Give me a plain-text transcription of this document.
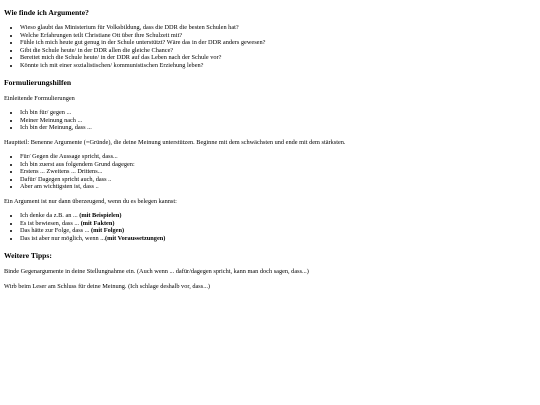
Wie finde ich Argumente?
• Wieso glaubt das Ministerium für Volksbildung, dass die DDR die besten Schulen hat?
• Welche Erfahrungen teilt Christiane Ott über ihre Schulzeit mit?
• Fühle ich mich heute gut genug in der Schule unterstützt? Wäre das in der DDR anders gewesen?
• Gibt die Schule heute/ in der DDR allen die gleiche Chance?
• Bereitet mich die Schule heute/ in der DDR auf das Leben nach der Schule vor?
• Könnte ich mit einer sozialistischen/ kommunistischen Erziehung leben?
Formulierungshilfen

Einleitende Formulierungen

• Ich bin für/ gegen ...
• Meiner Meinung nach ...
• Ich bin der Meinung, dass ...

Hauptteil: Benenne Argumente (=Gründe), die deine Meinung unterstützen. Beginne mit dem schwächsten und ende mit dem stärksten.

• Für/ Gegen die Aussage spricht, dass...
• Ich bin zuerst aus folgendem Grund dagegen:
• Erstens ... Zweitens ... Drittens...
• Dafür/ Dagegen spricht auch, dass ..
• Aber am wichtigsten ist, dass ..

Ein Argument ist nur dann überzeugend, wenn du es belegen kannst:

• Ich denke da z.B. an ... (mit Beispielen)
• Es ist bewiesen, dass ... (mit Fakten)
• Das hätte zur Folge, dass ... (mit Folgen)
• Das ist aber nur möglich, wenn ...(mit Voraussetzungen)
Weitere Tipps:

Binde Gegenargumente in deine Stellungnahme ein. (Auch wenn ... dafür/dagegen spricht, kann man doch sagen, dass...)

Wirb beim Leser am Schluss für deine Meinung. (Ich schlage deshalb vor, dass...)
